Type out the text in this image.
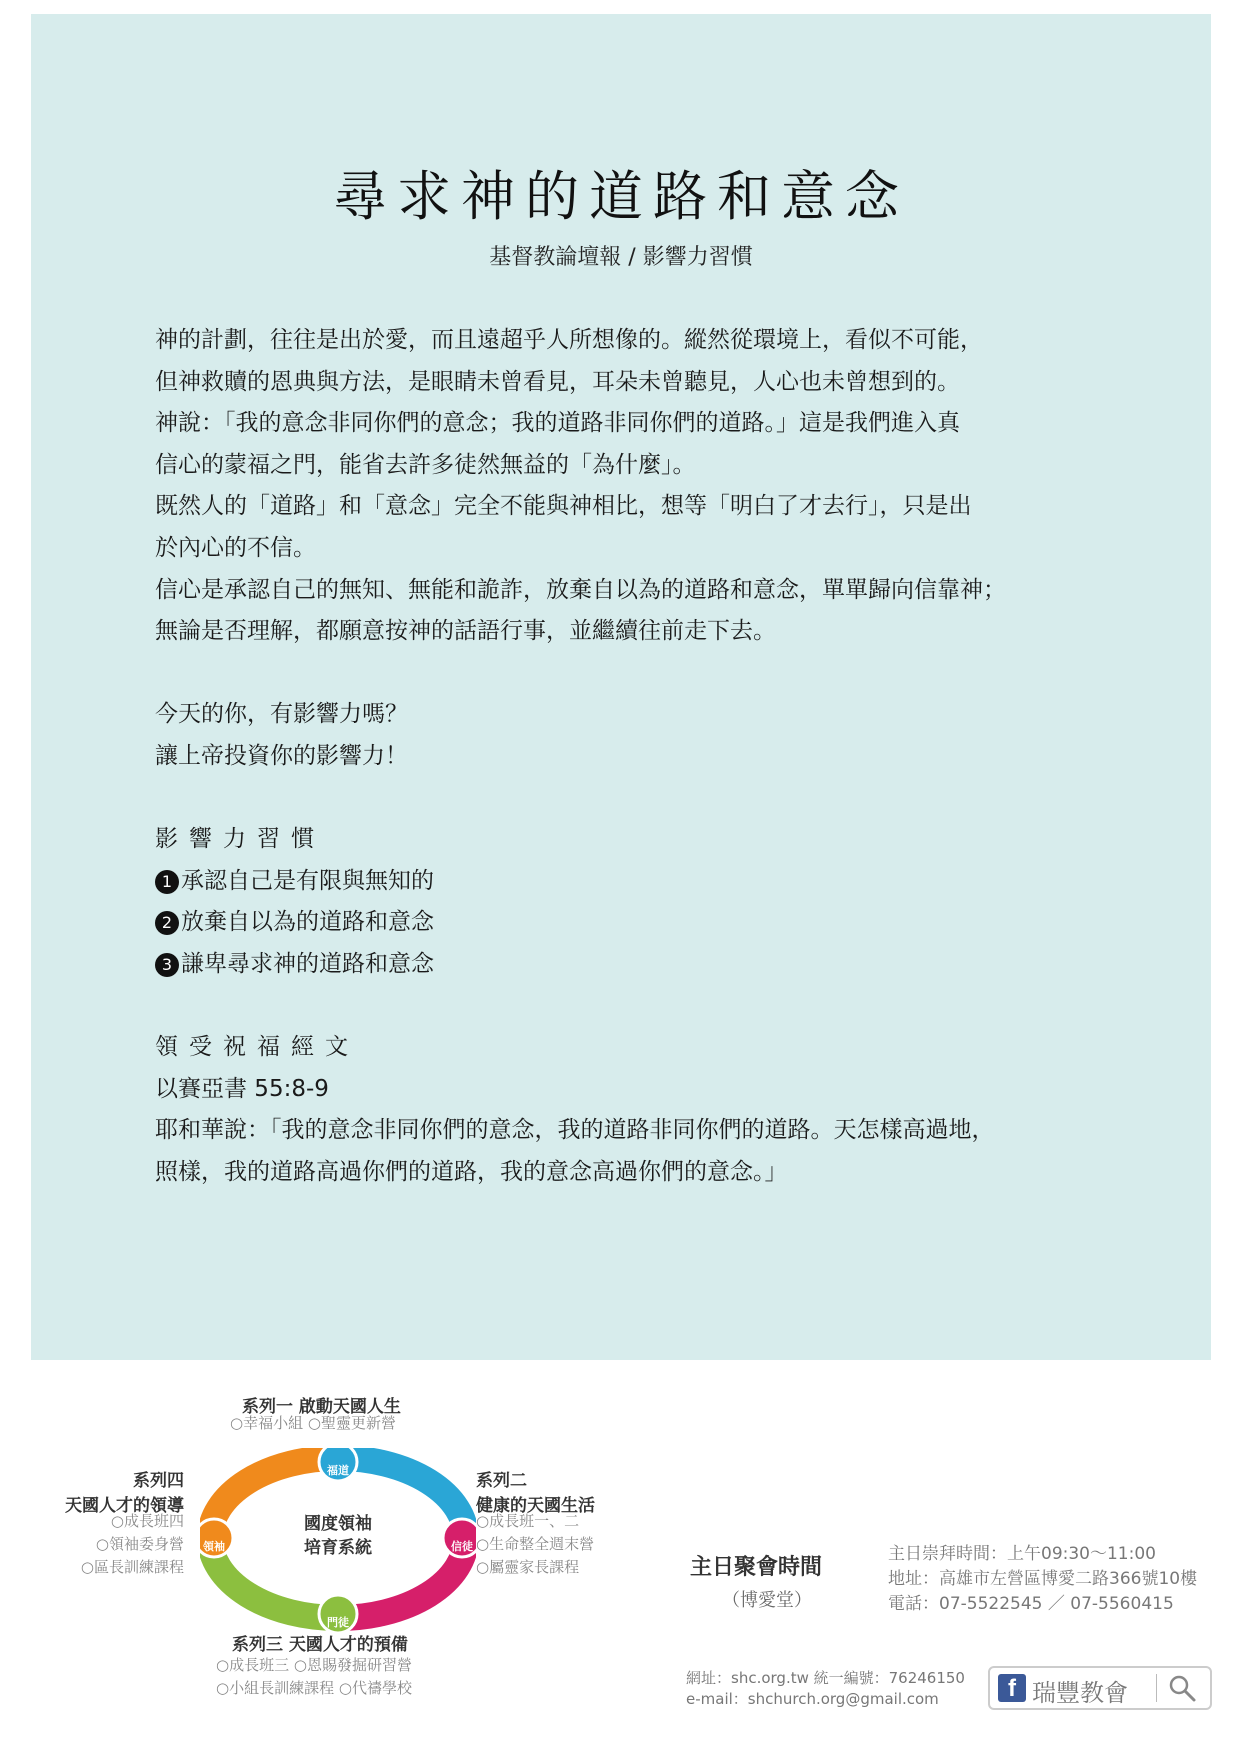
尋求神的道路和意念
基督教論壇報 / 影響力習慣
神的計劃，往往是出於愛，而且遠超乎人所想像的。縱然從環境上，看似不可能，
但神救贖的恩典與方法，是眼睛未曾看見，耳朵未曾聽見，人心也未曾想到的。
神說：「我的意念非同你們的意念；我的道路非同你們的道路。」這是我們進入真
信心的蒙福之門，能省去許多徒然無益的「為什麼」。
既然人的「道路」和「意念」完全不能與神相比，想等「明白了才去行」，只是出
於內心的不信。
信心是承認自己的無知、無能和詭詐，放棄自以為的道路和意念，單單歸向信靠神；
無論是否理解，都願意按神的話語行事，並繼續往前走下去。
今天的你，有影響力嗎？
讓上帝投資你的影響力！
影響力習慣
1 承認自己是有限與無知的
2 放棄自以為的道路和意念
3 謙卑尋求神的道路和意念
領受祝福經文
以賽亞書 55:8-9
耶和華說：「我的意念非同你們的意念，我的道路非同你們的道路。天怎樣高過地，
照樣，我的道路高過你們的道路，我的意念高過你們的意念。」
福道
信徒
門徒
領袖
國度領袖
培育系統
系列一 啟動天國人生
○幸福小組 ○聖靈更新營
系列二
健康的天國生活
○成長班一、二
○生命整全週末營
○屬靈家長課程
系列三 天國人才的預備
○成長班三 ○恩賜發掘研習營
○小組長訓練課程 ○代禱學校
系列四
天國人才的領導
○成長班四
○領袖委身營
○區長訓練課程	主日聚會時間
（博愛堂）
主日崇拜時間：上午09:30～11:00
地址：高雄市左營區博愛二路366號10樓
電話：07-5522545 ／ 07-5560415
網址：shc.org.tw 統一編號：76246150
e-mail：shchurch.org@gmail.com	f 瑞豐教會
